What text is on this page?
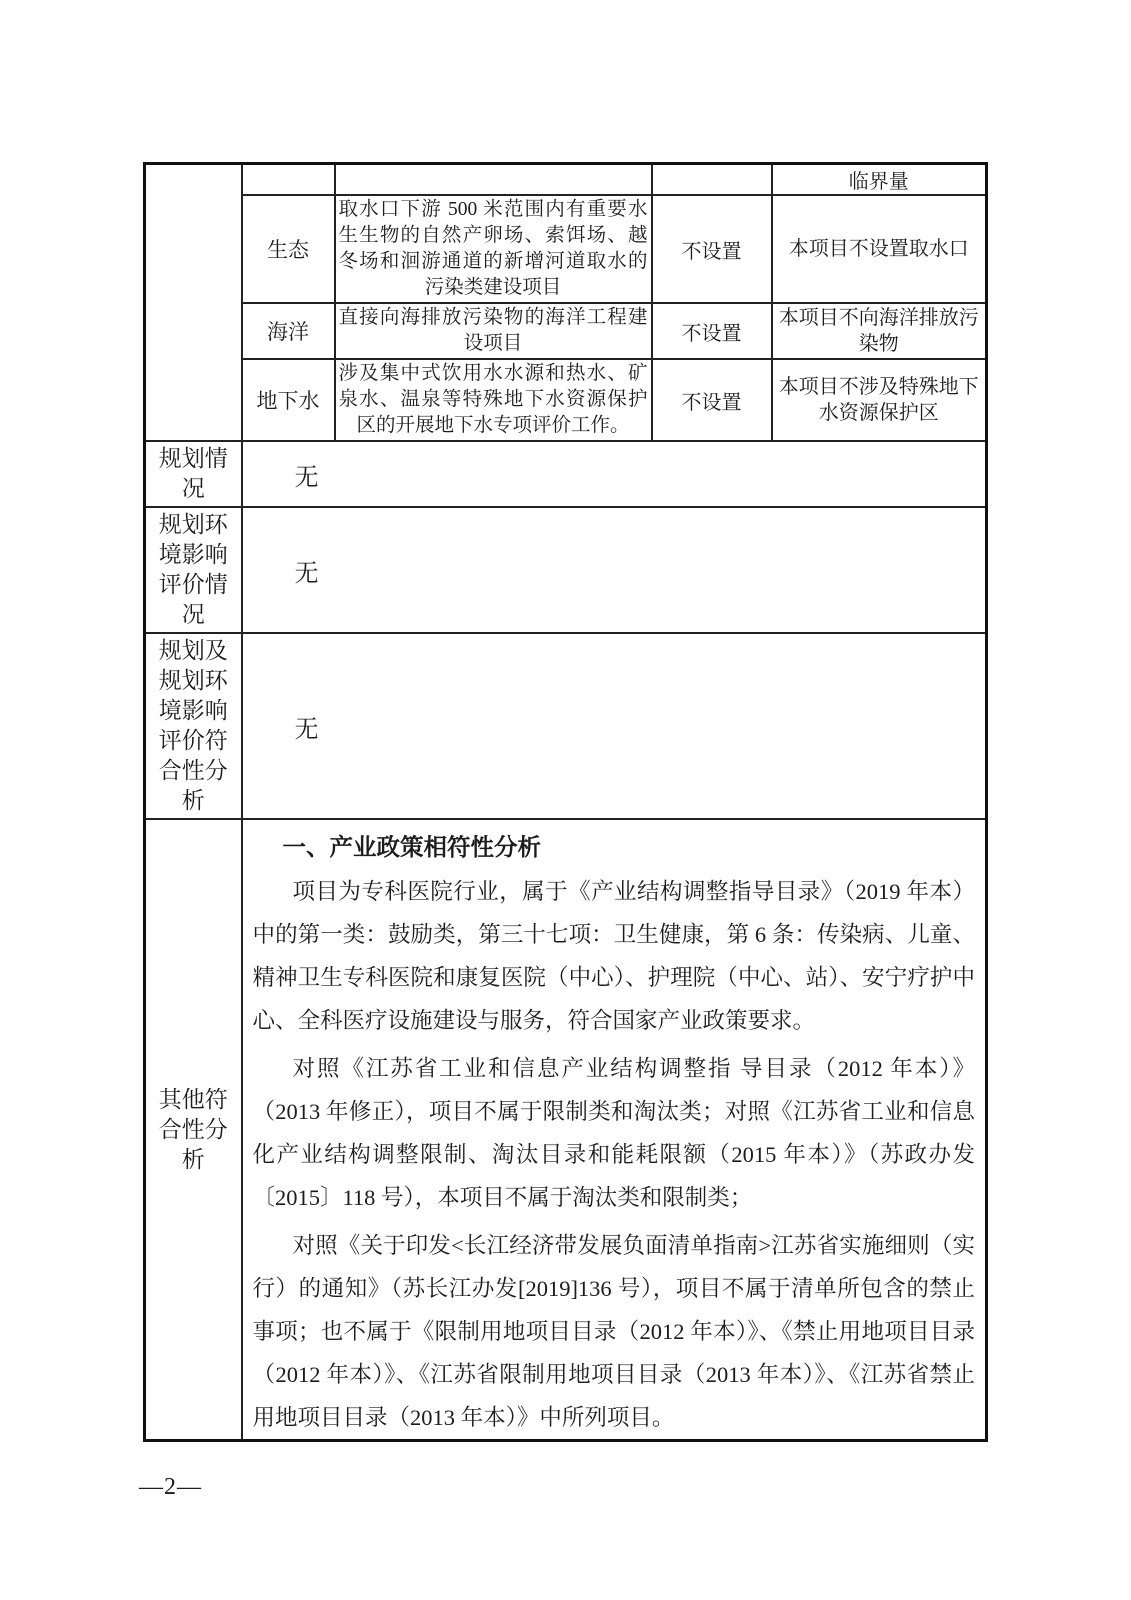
				临界量
	生态	取水口下游 500 米范围内有重要水生生物的自然产卵场、索饵场、越冬场和洄游通道的新增河道取水的污染类建设项目	不设置	本项目不设置取水口
	海洋	直接向海排放污染物的海洋工程建设项目	不设置	本项目不向海洋排放污染物
	地下水	涉及集中式饮用水水源和热水、矿泉水、温泉等特殊地下水资源保护区的开展地下水专项评价工作。	不设置	本项目不涉及特殊地下水资源保护区
规划情况	无			
规划环境影响评价情况	无			
规划及规划环境影响评价符合性分析	无			
其他符合性分析	
一、产业政策相符性分析

项目为专科医院行业，属于《产业结构调整指导目录》（2019 年本）中的第一类：鼓励类，第三十七项：卫生健康，第 6 条：传染病、儿童、精神卫生专科医院和康复医院（中心）、护理院（中心、站）、安宁疗护中心、全科医疗设施建设与服务，符合国家产业政策要求。

对照《江苏省工业和信息产业结构调整指 导目录（2012 年本）》（2013 年修正），项目不属于限制类和淘汰类；对照《江苏省工业和信息化产业结构调整限制、淘汰目录和能耗限额（2015 年本）》（苏政办发〔2015〕118 号），本项目不属于淘汰类和限制类；

对照《关于印发<长江经济带发展负面清单指南>江苏省实施细则（实行）的通知》（苏长江办发[2019]136 号），项目不属于清单所包含的禁止事项；也不属于《限制用地项目目录（2012 年本）》、《禁止用地项目目录（2012 年本）》、《江苏省限制用地项目目录（2013 年本）》、《江苏省禁止用地项目目录（2013 年本）》中所列项目。

—2—
